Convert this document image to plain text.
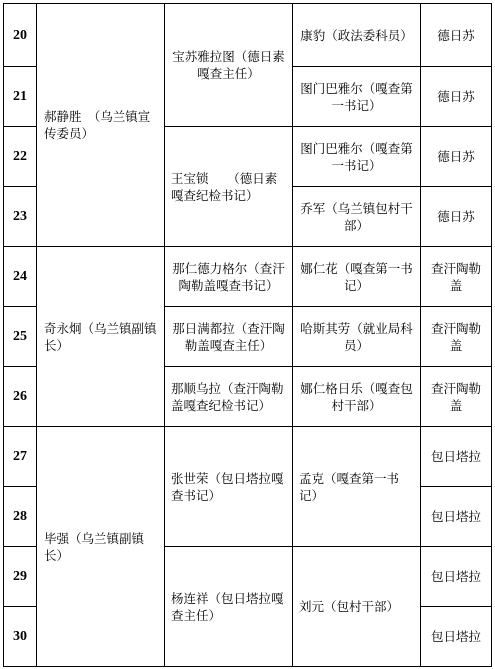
20	郝静胜　（乌兰镇宣传委员）	宝苏雅拉图（德日素嘎查主任）	康豹（政法委科员）	德日苏
21			图门巴雅尔（嘎查第一书记）	德日苏
22		王宝锁　　（德日素嘎查纪检书记）	图门巴雅尔（嘎查第一书记）	德日苏
23			乔军（乌兰镇包村干部）	德日苏
24	奇永炯（乌兰镇副镇长）	那仁德力格尔（查汗陶勒盖嘎查书记）	娜仁花（嘎查第一书记）	查汗陶勒盖
25		那日满都拉（查汗陶勒盖嘎查主任）	哈斯其劳（就业局科员）	查汗陶勒盖
26		那顺乌拉（查汗陶勒盖嘎查纪检书记）	娜仁格日乐（嘎查包村干部）	查汗陶勒盖
27	毕强（乌兰镇副镇长）	张世荣（包日塔拉嘎查书记）	孟克（嘎查第一书记）	包日塔拉
28				包日塔拉
29		杨连祥（包日塔拉嘎查主任）	刘元（包村干部）	包日塔拉
30				包日塔拉
